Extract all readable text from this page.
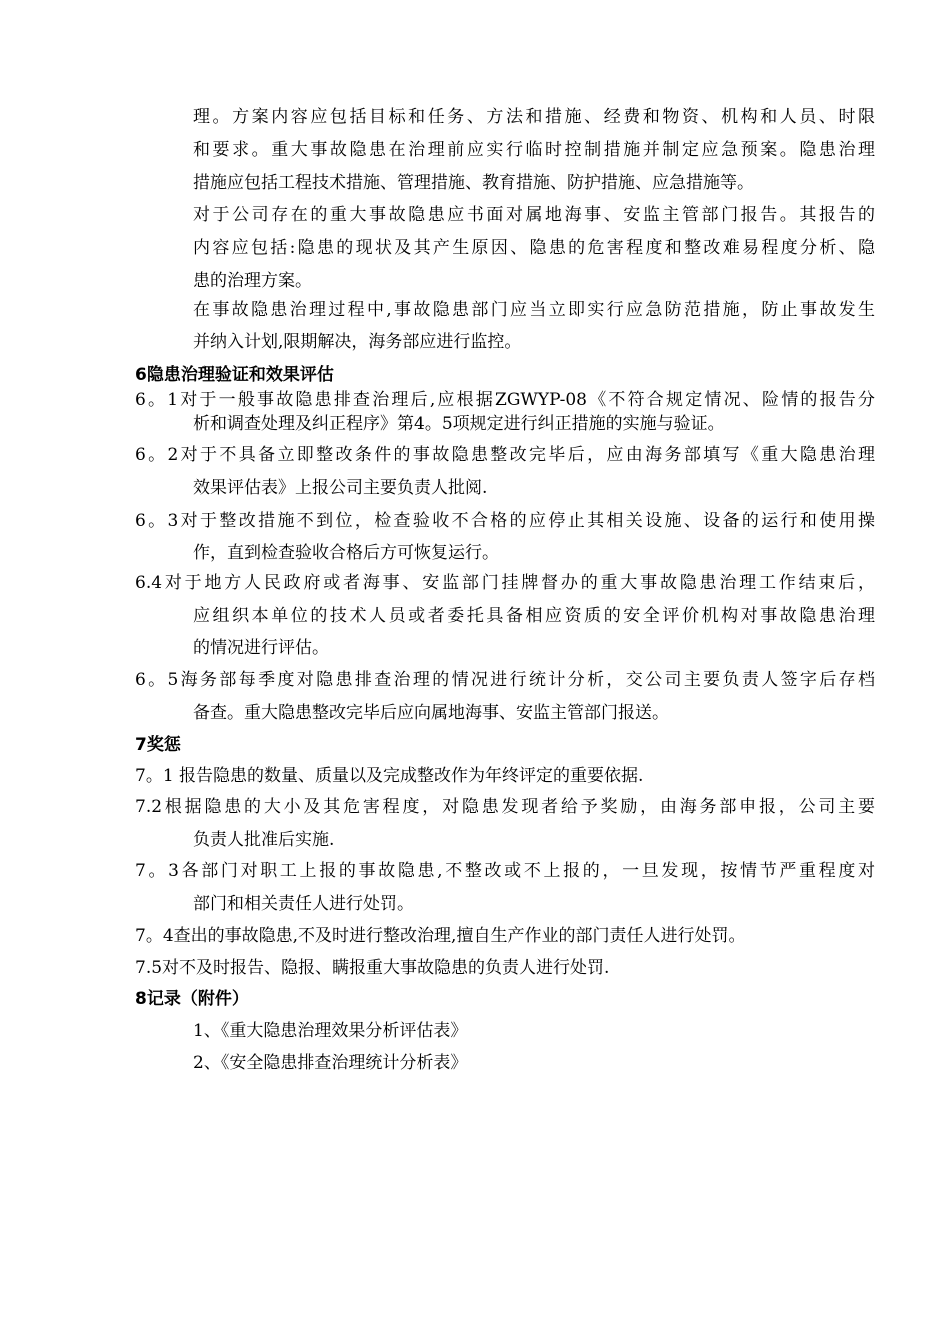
理。方案内容应包括目标和任务、方法和措施、经费和物资、机构和人员、时限
和要求。重大事故隐患在治理前应实行临时控制措施并制定应急预案。隐患治理
措施应包括工程技术措施、管理措施、教育措施、防护措施、应急措施等。
对于公司存在的重大事故隐患应书面对属地海事、安监主管部门报告。其报告的
内容应包括:隐患的现状及其产生原因、隐患的危害程度和整改难易程度分析、隐
患的治理方案。
在事故隐患治理过程中,事故隐患部门应当立即实行应急防范措施，防止事故发生
并纳入计划,限期解决，海务部应进行监控。
6隐患治理验证和效果评估
6。1对于一般事故隐患排查治理后,应根据ZGWYP-08《不符合规定情况、险情的报告分
析和调查处理及纠正程序》第4。5项规定进行纠正措施的实施与验证。
6。2对于不具备立即整改条件的事故隐患整改完毕后，应由海务部填写《重大隐患治理
效果评估表》上报公司主要负责人批阅.
6。3对于整改措施不到位，检查验收不合格的应停止其相关设施、设备的运行和使用操
作，直到检查验收合格后方可恢复运行。
6.4对于地方人民政府或者海事、安监部门挂牌督办的重大事故隐患治理工作结束后，
应组织本单位的技术人员或者委托具备相应资质的安全评价机构对事故隐患治理
的情况进行评估。
6。5海务部每季度对隐患排查治理的情况进行统计分析，交公司主要负责人签字后存档
备查。重大隐患整改完毕后应向属地海事、安监主管部门报送。
7奖惩
7。1 报告隐患的数量、质量以及完成整改作为年终评定的重要依据.
7.2根据隐患的大小及其危害程度，对隐患发现者给予奖励，由海务部申报，公司主要
负责人批准后实施.
7。3各部门对职工上报的事故隐患,不整改或不上报的，一旦发现，按情节严重程度对
部门和相关责任人进行处罚。
7。4查出的事故隐患,不及时进行整改治理,擅自生产作业的部门责任人进行处罚。
7.5对不及时报告、隐报、瞒报重大事故隐患的负责人进行处罚.
8记录（附件）
1、《重大隐患治理效果分析评估表》
2、《安全隐患排查治理统计分析表》
